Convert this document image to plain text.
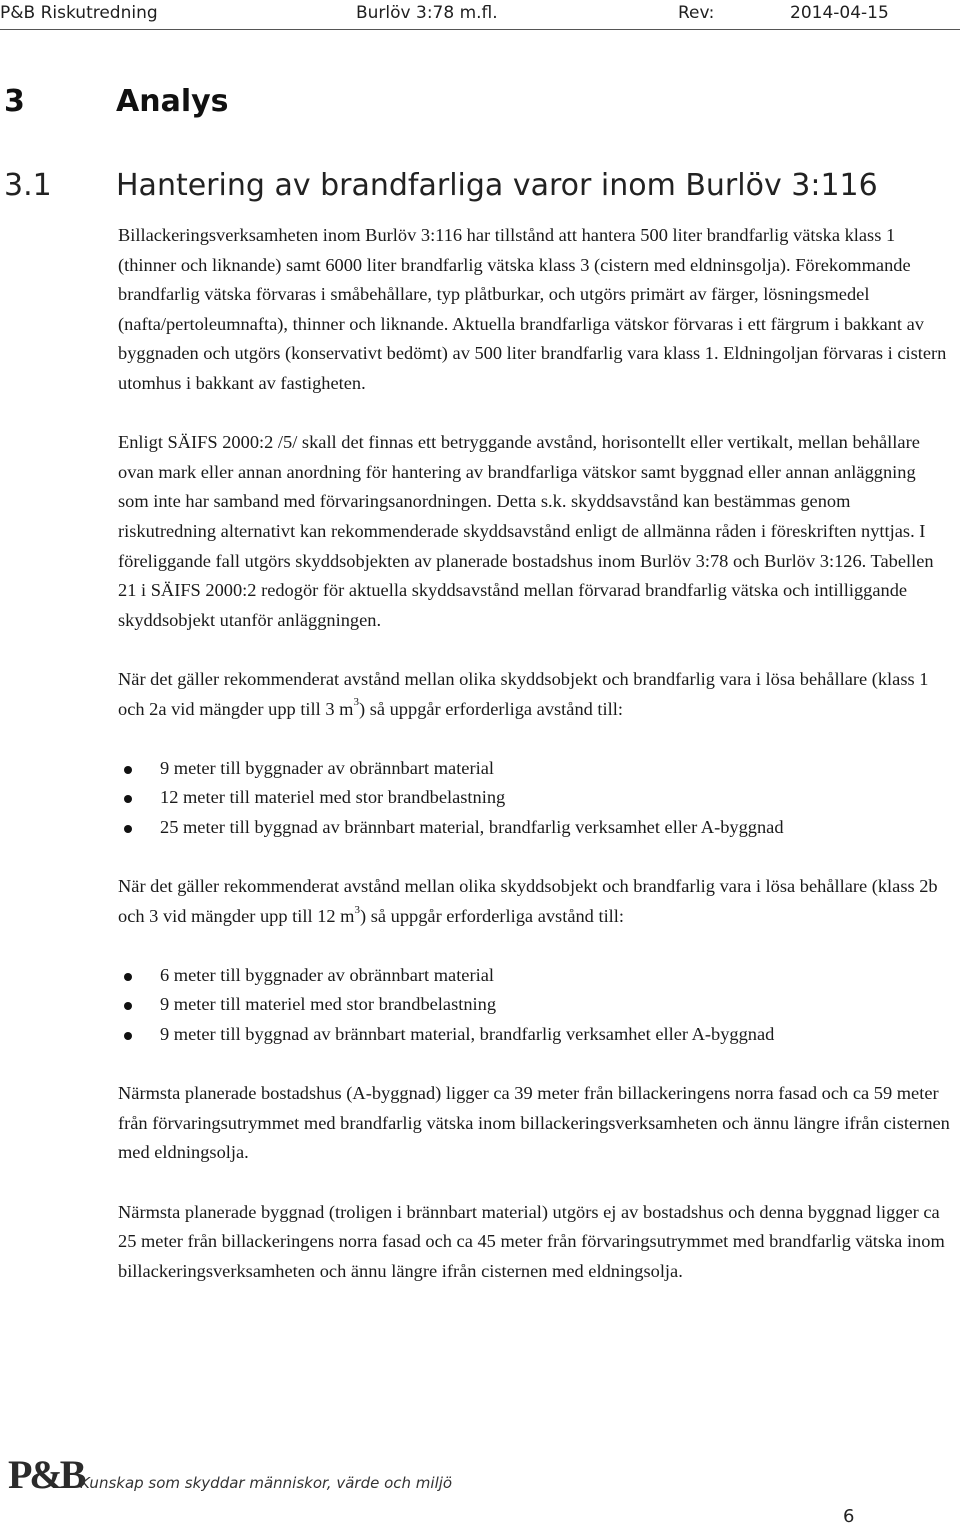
P&B Riskutredning	Burlöv 3:78 m.fl.	Rev:	2014-04-15
3	Analys
3.1 Hantering av brandfarliga varor inom Burlöv 3:116

Billackeringsverksamheten inom Burlöv 3:116 har tillstånd att hantera 500 liter brandfarlig vätska klass 1 (thinner och liknande) samt 6000 liter brandfarlig vätska klass 3 (cistern med eldninsgolja). Förekommande brandfarlig vätska förvaras i småbehållare, typ plåtburkar, och utgörs primärt av färger, lösningsmedel (nafta/pertoleumnafta), thinner och liknande. Aktuella brandfarliga vätskor förvaras i ett färgrum i bakkant av byggnaden och utgörs (konservativt bedömt) av 500 liter brandfarlig vara klass 1. Eldningoljan förvaras i cistern utomhus i bakkant av fastigheten.

Enligt SÄIFS 2000:2 /5/ skall det finnas ett betryggande avstånd, horisontellt eller vertikalt, mellan behållare ovan mark eller annan anordning för hantering av brandfarliga vätskor samt byggnad eller annan anläggning som inte har samband med förvaringsanordningen. Detta s.k. skyddsavstånd kan bestämmas genom riskutredning alternativt kan rekommenderade skyddsavstånd enligt de allmänna råden i föreskriften nyttjas. I föreliggande fall utgörs skyddsobjekten av planerade bostadshus inom Burlöv 3:78 och Burlöv 3:126. Tabellen 21 i SÄIFS 2000:2 redogör för aktuella skyddsavstånd mellan förvarad brandfarlig vätska och intilliggande skyddsobjekt utanför anläggningen.

När det gäller rekommenderat avstånd mellan olika skyddsobjekt och brandfarlig vara i lösa behållare (klass 1 och 2a vid mängder upp till 3 $m^3$) så uppgår erforderliga avstånd till:

9 meter till byggnader av obrännbart material
12 meter till materiel med stor brandbelastning
25 meter till byggnad av brännbart material, brandfarlig verksamhet eller A-byggnad

När det gäller rekommenderat avstånd mellan olika skyddsobjekt och brandfarlig vara i lösa behållare (klass 2b och 3 vid mängder upp till 12 $m^3$) så uppgår erforderliga avstånd till:

6 meter till byggnader av obrännbart material
9 meter till materiel med stor brandbelastning
9 meter till byggnad av brännbart material, brandfarlig verksamhet eller A-byggnad

Närmsta planerade bostadshus (A-byggnad) ligger ca 39 meter från billackeringens norra fasad och ca 59 meter från förvaringsutrymmet med brandfarlig vätska inom billackeringsverksamheten och ännu längre ifrån cisternen med eldningsolja.

Närmsta planerade byggnad (troligen i brännbart material) utgörs ej av bostadshus och denna byggnad ligger ca 25 meter från billackeringens norra fasad och ca 45 meter från förvaringsutrymmet med brandfarlig vätska inom billackeringsverksamheten och ännu längre ifrån cisternen med eldningsolja.

P&B
Kunskap som skyddar människor, värde och miljö
6
